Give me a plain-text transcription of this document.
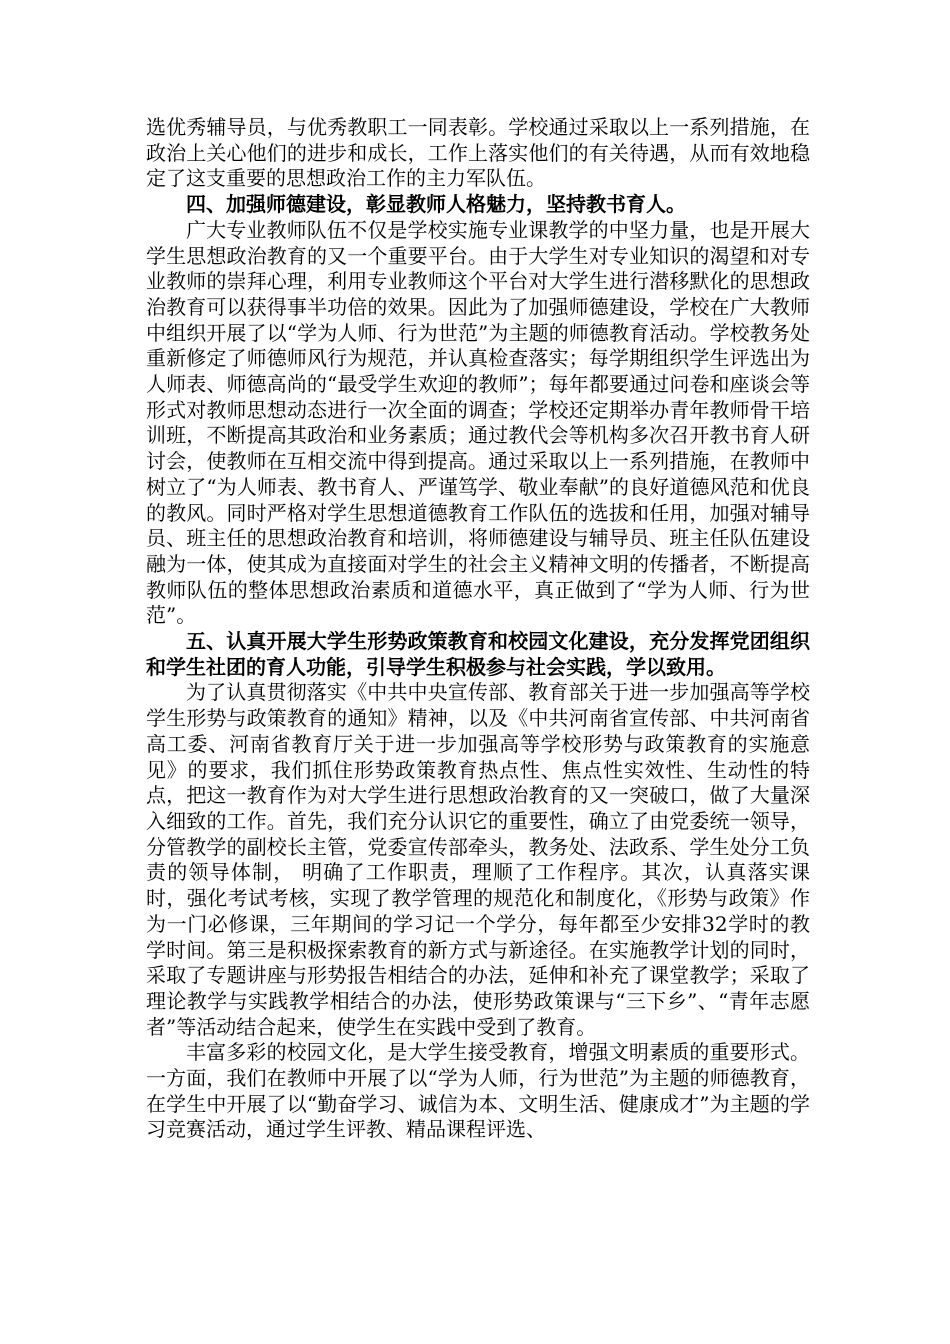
选优秀辅导员，与优秀教职工一同表彰。学校通过采取以上一系列措施，在政治上关心他们的进步和成长，工作上落实他们的有关待遇，从而有效地稳定了这支重要的思想政治工作的主力军队伍。

四、加强师德建设，彰显教师人格魅力，坚持教书育人。

广大专业教师队伍不仅是学校实施专业课教学的中坚力量，也是开展大学生思想政治教育的又一个重要平台。由于大学生对专业知识的渴望和对专业教师的崇拜心理，利用专业教师这个平台对大学生进行潜移默化的思想政治教育可以获得事半功倍的效果。因此为了加强师德建设，学校在广大教师中组织开展了以“学为人师、行为世范”为主题的师德教育活动。学校教务处重新修定了师德师风行为规范，并认真检查落实；每学期组织学生评选出为人师表、师德高尚的“最受学生欢迎的教师”；每年都要通过问卷和座谈会等形式对教师思想动态进行一次全面的调查；学校还定期举办青年教师骨干培训班，不断提高其政治和业务素质；通过教代会等机构多次召开教书育人研讨会，使教师在互相交流中得到提高。通过采取以上一系列措施，在教师中树立了“为人师表、教书育人、严谨笃学、敬业奉献”的良好道德风范和优良的教风。同时严格对学生思想道德教育工作队伍的选拔和任用，加强对辅导员、班主任的思想政治教育和培训，将师德建设与辅导员、班主任队伍建设融为一体，使其成为直接面对学生的社会主义精神文明的传播者，不断提高教师队伍的整体思想政治素质和道德水平，真正做到了“学为人师、行为世范”。

五、认真开展大学生形势政策教育和校园文化建设，充分发挥党团组织和学生社团的育人功能，引导学生积极参与社会实践，学以致用。

为了认真贯彻落实《中共中央宣传部、教育部关于进一步加强高等学校学生形势与政策教育的通知》精神，以及《中共河南省宣传部、中共河南省高工委、河南省教育厅关于进一步加强高等学校形势与政策教育的实施意见》的要求，我们抓住形势政策教育热点性、焦点性实效性、生动性的特点，把这一教育作为对大学生进行思想政治教育的又一突破口，做了大量深入细致的工作。首先，我们充分认识它的重要性，确立了由党委统一领导，分管教学的副校长主管，党委宣传部牵头，教务处、法政系、学生处分工负责的领导体制， 明确了工作职责，理顺了工作程序。其次，认真落实课时，强化考试考核，实现了教学管理的规范化和制度化，《形势与政策》作为一门必修课，三年期间的学习记一个学分，每年都至少安排32学时的教学时间。第三是积极探索教育的新方式与新途径。在实施教学计划的同时，采取了专题讲座与形势报告相结合的办法，延伸和补充了课堂教学；采取了理论教学与实践教学相结合的办法，使形势政策课与“三下乡”、“青年志愿者”等活动结合起来，使学生在实践中受到了教育。

丰富多彩的校园文化，是大学生接受教育，增强文明素质的重要形式。一方面，我们在教师中开展了以“学为人师，行为世范”为主题的师德教育，在学生中开展了以“勤奋学习、诚信为本、文明生活、健康成才”为主题的学习竞赛活动，通过学生评教、精品课程评选、
